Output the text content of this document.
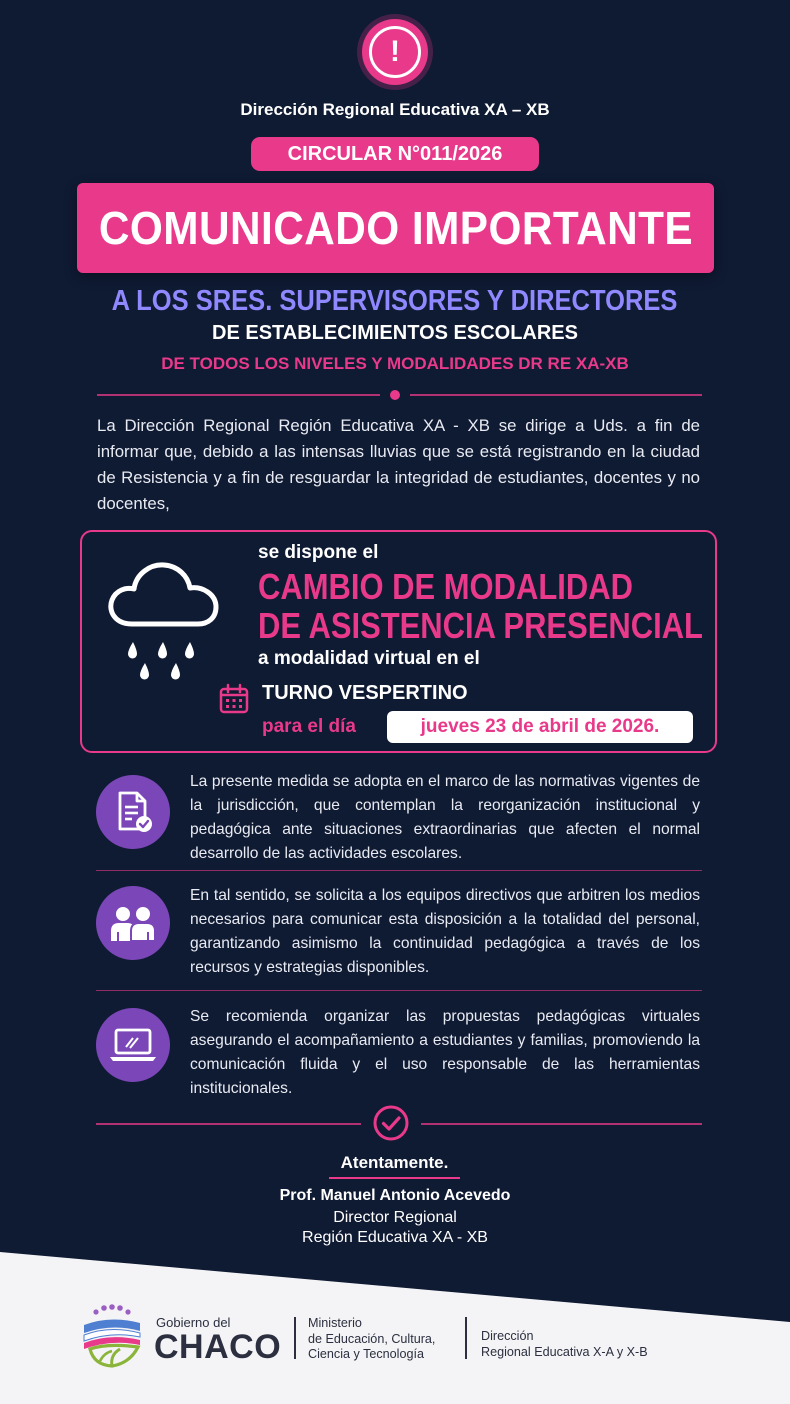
!
Dirección Regional Educativa XA – XB
CIRCULAR N°011/2026
COMUNICADO IMPORTANTE
A LOS SRES. SUPERVISORES Y DIRECTORES
DE ESTABLECIMIENTOS ESCOLARES
DE TODOS LOS NIVELES Y MODALIDADES DR RE XA-XB

La Dirección Regional Región Educativa XA - XB se dirige a Uds. a fin de informar que, debido a las intensas lluvias que se está registrando en la ciudad de Resistencia y a fin de resguardar la integridad de estudiantes, docentes y no docentes,

se dispone el
CAMBIO DE MODALIDAD
DE ASISTENCIA PRESENCIAL
a modalidad virtual en el
TURNO VESPERTINO
para el día	jueves 23 de abril de 2026.

La presente medida se adopta en el marco de las normativas vigentes de la jurisdicción, que contemplan la reorganización institucional y pedagógica ante situaciones extraordinarias que afecten el normal desarrollo de las actividades escolares.

En tal sentido, se solicita a los equipos directivos que arbitren los medios necesarios para comunicar esta disposición a la totalidad del personal, garantizando asimismo la continuidad pedagógica a través de los recursos y estrategias disponibles.

Se recomienda organizar las propuestas pedagógicas virtuales asegurando el acompañamiento a estudiantes y familias, promoviendo la comunicación fluida y el uso responsable de las herramientas institucionales.

Atentamente.
Prof. Manuel Antonio Acevedo
Director Regional
Región Educativa XA - XB
Gobierno del
CHACO
Ministerio
de Educación, Cultura,
Ciencia y Tecnología
Dirección
Regional Educativa X-A y X-B
